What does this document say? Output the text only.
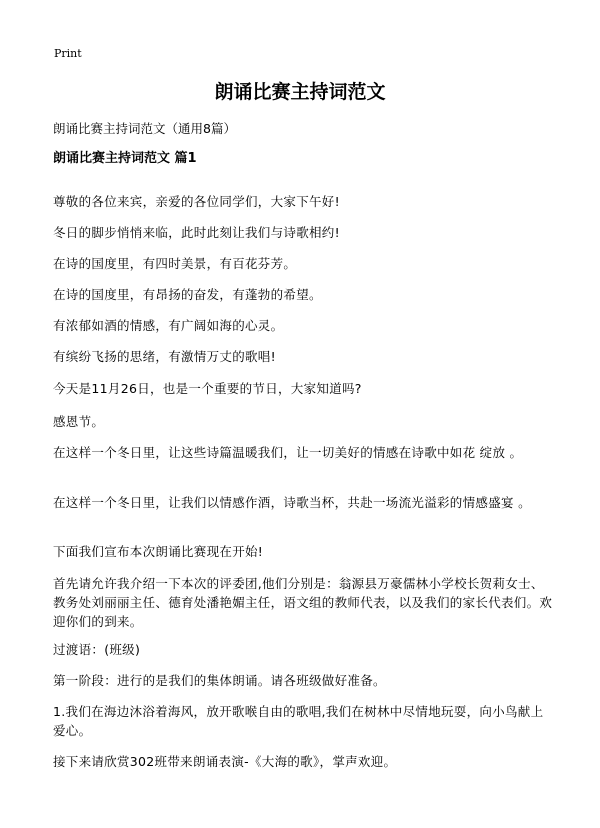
Print
朗诵比赛主持词范文
朗诵比赛主持词范文（通用8篇）
朗诵比赛主持词范文 篇1

尊敬的各位来宾，亲爱的各位同学们，大家下午好!

冬日的脚步悄悄来临，此时此刻让我们与诗歌相约!

在诗的国度里，有四时美景，有百花芬芳。

在诗的国度里，有昂扬的奋发，有蓬勃的希望。

有浓郁如酒的情感，有广阔如海的心灵。

有缤纷飞扬的思绪，有激情万丈的歌唱!

今天是11月26日，也是一个重要的节日，大家知道吗?

感恩节。

在这样一个冬日里，让这些诗篇温暖我们，让一切美好的情感在诗歌中如花 绽放 。

在这样一个冬日里，让我们以情感作酒，诗歌当杯，共赴一场流光溢彩的情感盛宴 。

下面我们宣布本次朗诵比赛现在开始!

首先请允许我介绍一下本次的评委团,他们分别是：翁源县万豪儒林小学校长贺莉女士、教务处刘丽丽主任、德育处潘艳媚主任，语文组的教师代表，以及我们的家长代表们。欢迎你们的到来。

过渡语：(班级)

第一阶段：进行的是我们的集体朗诵。请各班级做好准备。

1.我们在海边沐浴着海风，放开歌喉自由的歌唱,我们在树林中尽情地玩耍，向小鸟献上爱心。

接下来请欣赏302班带来朗诵表演-《大海的歌》，掌声欢迎。
